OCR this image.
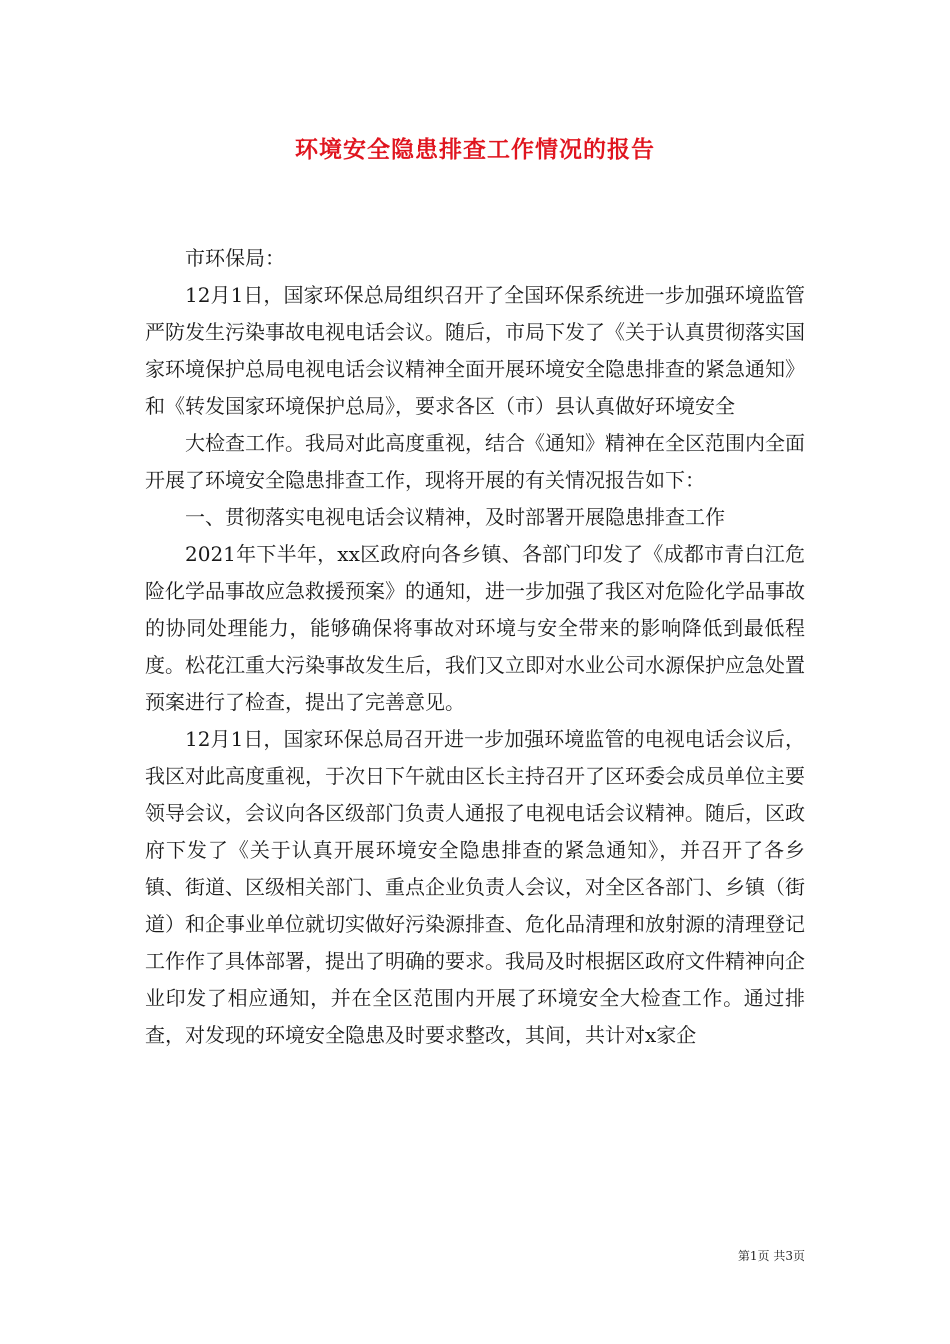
环境安全隐患排查工作情况的报告

市环保局：

12月1日，国家环保总局组织召开了全国环保系统进一步加强环境监管严防发生污染事故电视电话会议。随后，市局下发了《关于认真贯彻落实国家环境保护总局电视电话会议精神全面开展环境安全隐患排查的紧急通知》和《转发国家环境保护总局》，要求各区（市）县认真做好环境安全

大检查工作。我局对此高度重视，结合《通知》精神在全区范围内全面开展了环境安全隐患排查工作，现将开展的有关情况报告如下：

一、贯彻落实电视电话会议精神，及时部署开展隐患排查工作

2021年下半年，xx区政府向各乡镇、各部门印发了《成都市青白江危险化学品事故应急救援预案》的通知，进一步加强了我区对危险化学品事故的协同处理能力，能够确保将事故对环境与安全带来的影响降低到最低程度。松花江重大污染事故发生后，我们又立即对水业公司水源保护应急处置预案进行了检查，提出了完善意见。

12月1日，国家环保总局召开进一步加强环境监管的电视电话会议后，我区对此高度重视，于次日下午就由区长主持召开了区环委会成员单位主要领导会议，会议向各区级部门负责人通报了电视电话会议精神。随后，区政府下发了《关于认真开展环境安全隐患排查的紧急通知》，并召开了各乡镇、街道、区级相关部门、重点企业负责人会议，对全区各部门、乡镇（街道）和企事业单位就切实做好污染源排查、危化品清理和放射源的清理登记工作作了具体部署，提出了明确的要求。我局及时根据区政府文件精神向企业印发了相应通知，并在全区范围内开展了环境安全大检查工作。通过排查，对发现的环境安全隐患及时要求整改，其间，共计对x家企

第1页 共3页
